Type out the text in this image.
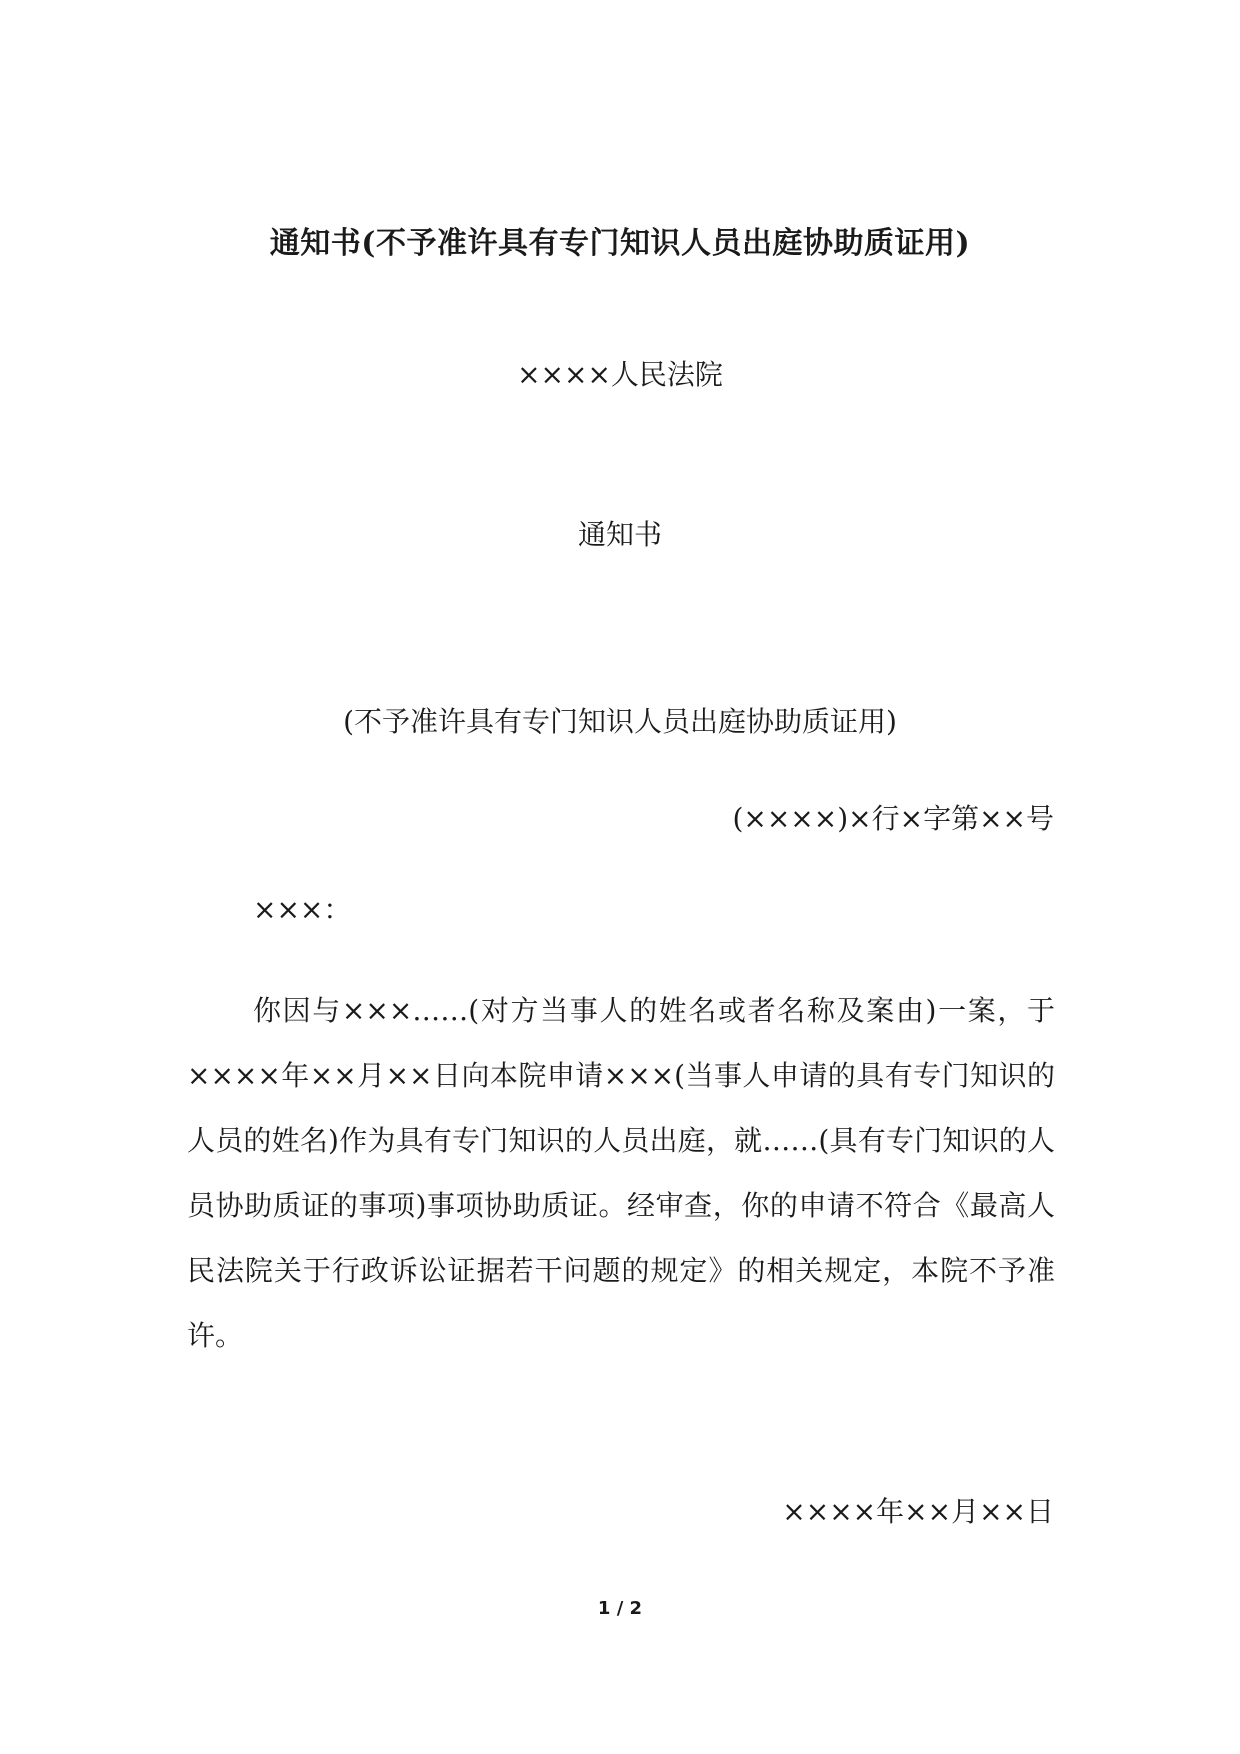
通知书(不予准许具有专门知识人员出庭协助质证用)
××××人民法院
通知书
(不予准许具有专门知识人员出庭协助质证用)
(××××)×行×字第××号
×××：
你因与×××……(对方当事人的姓名或者名称及案由)一案，于××××年××月××日向本院申请×××(当事人申请的具有专门知识的人员的姓名)作为具有专门知识的人员出庭，就……(具有专门知识的人员协助质证的事项)事项协助质证。经审查，你的申请不符合《最高人民法院关于行政诉讼证据若干问题的规定》的相关规定，本院不予准许。
××××年××月××日
1 / 2
